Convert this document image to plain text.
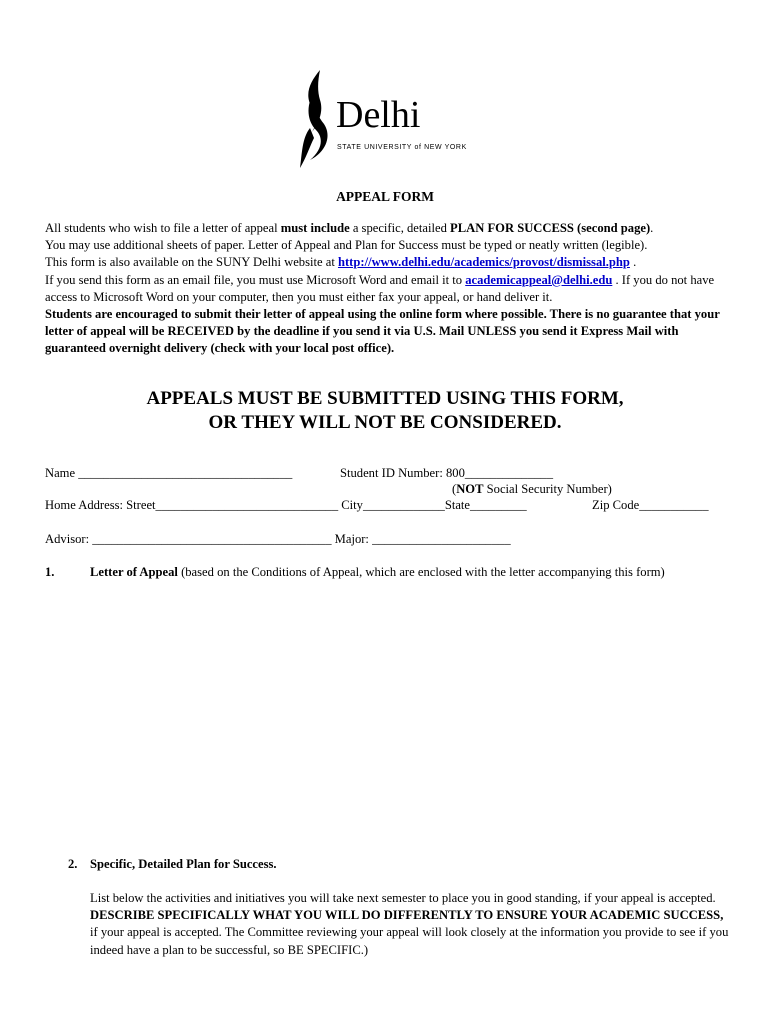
Delhi
STATE UNIVERSITY of NEW YORK
APPEAL FORM

All students who wish to file a letter of appeal must include a specific, detailed PLAN FOR SUCCESS (second page).

You may use additional sheets of paper. Letter of Appeal and Plan for Success must be typed or neatly written (legible).

This form is also available on the SUNY Delhi website at http://www.delhi.edu/academics/provost/dismissal.php .

If you send this form as an email file, you must use Microsoft Word and email it to academicappeal@delhi.edu . If you do not have access to Microsoft Word on your computer, then you must either fax your appeal, or hand deliver it.

Students are encouraged to submit their letter of appeal using the online form where possible. There is no guarantee that your letter of appeal will be RECEIVED by the deadline if you send it via U.S. Mail UNLESS you send it Express Mail with guaranteed overnight delivery (check with your local post office).

APPEALS MUST BE SUBMITTED USING THIS FORM,
OR THEY WILL NOT BE CONSIDERED.
Name __________________________________	Student ID Number: 800______________
(NOT Social Security Number)
Home Address: Street_____________________________ City_____________State_________	Zip Code___________
Advisor: ______________________________________ Major: ______________________
1.	Letter of Appeal (based on the Conditions of Appeal, which are enclosed with the letter accompanying this form)
2. Specific, Detailed Plan for Success.

List below the activities and initiatives you will take next semester to place you in good standing, if your appeal is accepted. DESCRIBE SPECIFICALLY WHAT YOU WILL DO DIFFERENTLY TO ENSURE YOUR ACADEMIC SUCCESS, if your appeal is accepted. The Committee reviewing your appeal will look closely at the information you provide to see if you indeed have a plan to be successful, so BE SPECIFIC.)
